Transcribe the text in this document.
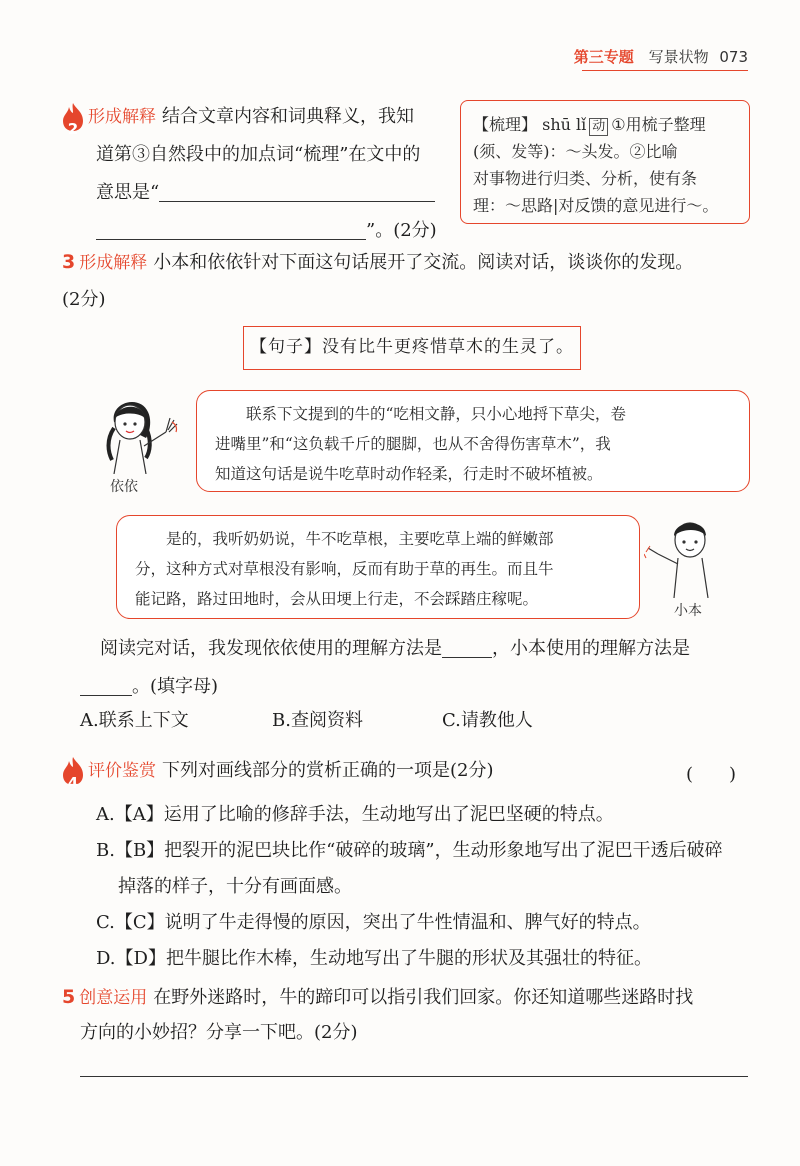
第三专题 写景状物 073
2
形成解释 结合文章内容和词典释义，我知
道第③自然段中的加点词“梳理”在文中的
意思是“
”。(2分)
【梳理】 shū lǐ 动 ①用梳子整理
(须、发等)：～头发。②比喻
对事物进行归类、分析，使有条
理：～思路|对反馈的意见进行～。
3 形成解释 小本和依依针对下面这句话展开了交流。阅读对话，谈谈你的发现。
(2分)
【句子】没有比牛更疼惜草木的生灵了。
依依
联系下文提到的牛的“吃相文静，只小心地捋下草尖，卷
进嘴里”和“这负载千斤的腿脚，也从不舍得伤害草木”，我
知道这句话是说牛吃草时动作轻柔，行走时不破坏植被。
是的，我听奶奶说，牛不吃草根，主要吃草上端的鲜嫩部
分，这种方式对草根没有影响，反而有助于草的再生。而且牛
能记路，路过田地时，会从田埂上行走，不会踩踏庄稼呢。
小本
阅读完对话，我发现依依使用的理解方法是	，小本使用的理解方法是
。(填字母)
A.联系上下文	B.查阅资料	C.请教他人
4
评价鉴赏 下列对画线部分的赏析正确的一项是(2分)	(　　)
A.【A】运用了比喻的修辞手法，生动地写出了泥巴坚硬的特点。
B.【B】把裂开的泥巴块比作“破碎的玻璃”，生动形象地写出了泥巴干透后破碎
掉落的样子，十分有画面感。
C.【C】说明了牛走得慢的原因，突出了牛性情温和、脾气好的特点。
D.【D】把牛腿比作木棒，生动地写出了牛腿的形状及其强壮的特征。
5 创意运用 在野外迷路时，牛的蹄印可以指引我们回家。你还知道哪些迷路时找
方向的小妙招？分享一下吧。(2分)
